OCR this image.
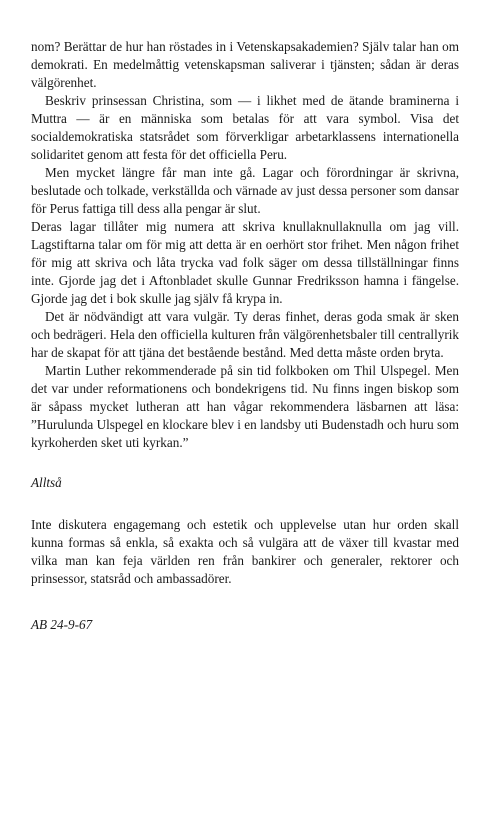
nom? Berättar de hur han röstades in i Vetenskapsakademien? Själv talar han om demokrati. En medelmåttig vetenskapsman saliverar i tjänsten; sådan är deras välgörenhet.

Beskriv prinsessan Christina, som — i likhet med de ätande braminerna i Muttra — är en människa som betalas för att vara symbol. Visa det socialdemokratiska statsrådet som förverkligar arbetarklassens internationella solidaritet genom att festa för det officiella Peru.

Men mycket längre får man inte gå. Lagar och förordningar är skrivna, beslutade och tolkade, verkställda och värnade av just dessa personer som dansar för Perus fattiga till dess alla pengar är slut.

Deras lagar tillåter mig numera att skriva knullaknullaknulla om jag vill. Lagstiftarna talar om för mig att detta är en oerhört stor frihet. Men någon frihet för mig att skriva och låta trycka vad folk säger om dessa tillställningar finns inte. Gjorde jag det i Aftonbladet skulle Gunnar Fredriksson hamna i fängelse. Gjorde jag det i bok skulle jag själv få krypa in.

Det är nödvändigt att vara vulgär. Ty deras finhet, deras goda smak är sken och bedrägeri. Hela den officiella kulturen från välgörenhetsbaler till centrallyrik har de skapat för att tjäna det bestående bestånd. Med detta måste orden bryta.

Martin Luther rekommenderade på sin tid folkboken om Thil Ulspegel. Men det var under reformationens och bondekrigens tid. Nu finns ingen biskop som är såpass mycket lutheran att han vågar rekommendera läsbarnen att läsa: ”Hurulunda Ulspegel en klockare blev i en landsby uti Budenstadh och huru som kyrkoherden sket uti kyrkan.”

Alltså

Inte diskutera engagemang och estetik och upplevelse utan hur orden skall kunna formas så enkla, så exakta och så vulgära att de växer till kvastar med vilka man kan feja världen ren från bankirer och generaler, rektorer och prinsessor, statsråd och ambassadörer.

AB 24-9-67
